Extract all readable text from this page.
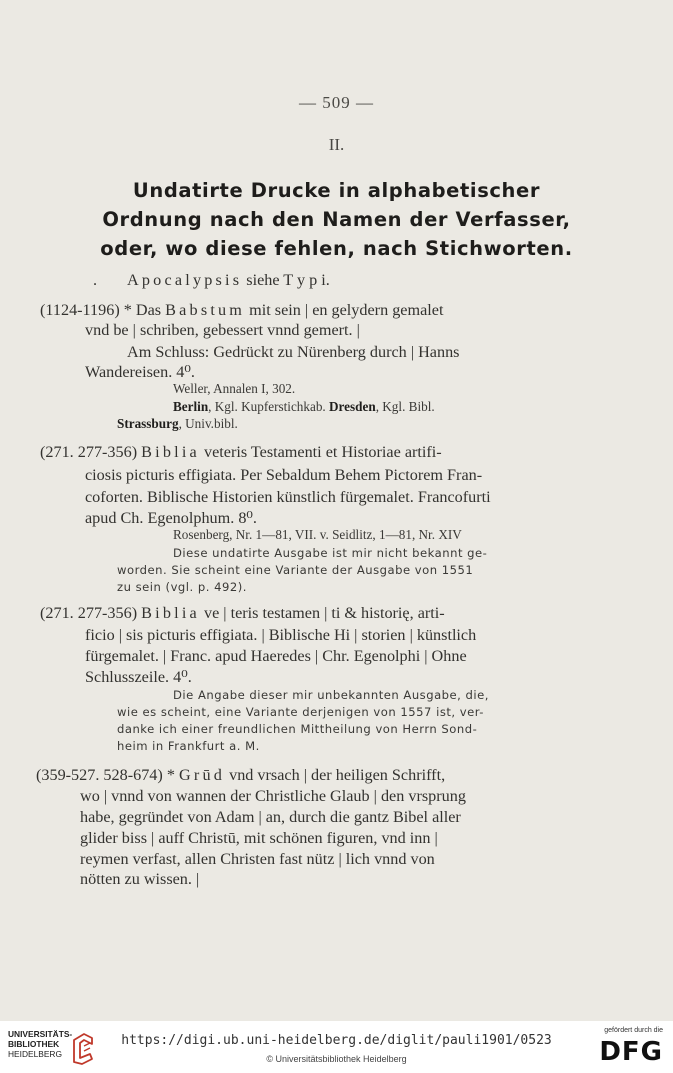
— 509 —
II.
Undatirte Drucke in alphabetischer
Ordnung nach den Namen der Verfasser,
oder, wo diese fehlen, nach Stichworten.
. Apocalypsis siehe T y p i.
(1124-1196) * Das Babstum mit sein | en gelydern gemalet
vnd be | schriben, gebessert vnnd gemert. |
Am Schluss: Gedrückt zu Nürenberg durch | Hanns
Wandereisen. 4⁰.
Weller, Annalen I, 302.
Berlin, Kgl. Kupferstichkab. Dresden, Kgl. Bibl.
Strassburg, Univ.bibl.
(271. 277-356) Biblia veteris Testamenti et Historiae artifi-
ciosis picturis effigiata. Per Sebaldum Behem Pictorem Fran-
coforten. Biblische Historien künstlich fürgemalet. Francofurti
apud Ch. Egenolphum. 8⁰.
Rosenberg, Nr. 1—81, VII. v. Seidlitz, 1—81, Nr. XIV
Diese undatirte Ausgabe ist mir nicht bekannt ge-
worden. Sie scheint eine Variante der Ausgabe von 1551
zu sein (vgl. p. 492).
(271. 277-356) Biblia ve | teris testamen | ti & historię, arti-
ficio | sis picturis effigiata. | Biblische Hi | storien | künstlich
fürgemalet. | Franc. apud Haeredes | Chr. Egenolphi | Ohne
Schlusszeile. 4⁰.
Die Angabe dieser mir unbekannten Ausgabe, die,
wie es scheint, eine Variante derjenigen von 1557 ist, ver-
danke ich einer freundlichen Mittheilung von Herrn Sond-
heim in Frankfurt a. M.
(359-527. 528-674) * Grūd vnd vrsach | der heiligen Schrifft,
wo | vnnd von wannen der Christliche Glaub | den vrsprung
habe, gegründet von Adam | an, durch die gantz Bibel aller
glider biss | auff Christū, mit schönen figuren, vnd inn |
reymen verfast, allen Christen fast nütz | lich vnnd von
nötten zu wissen. |
UNIVERSITÄTS-
BIBLIOTHEK
HEIDELBERG
https://digi.ub.uni-heidelberg.de/diglit/pauli1901/0523
© Universitätsbibliothek Heidelberg
gefördert durch die
DFG
